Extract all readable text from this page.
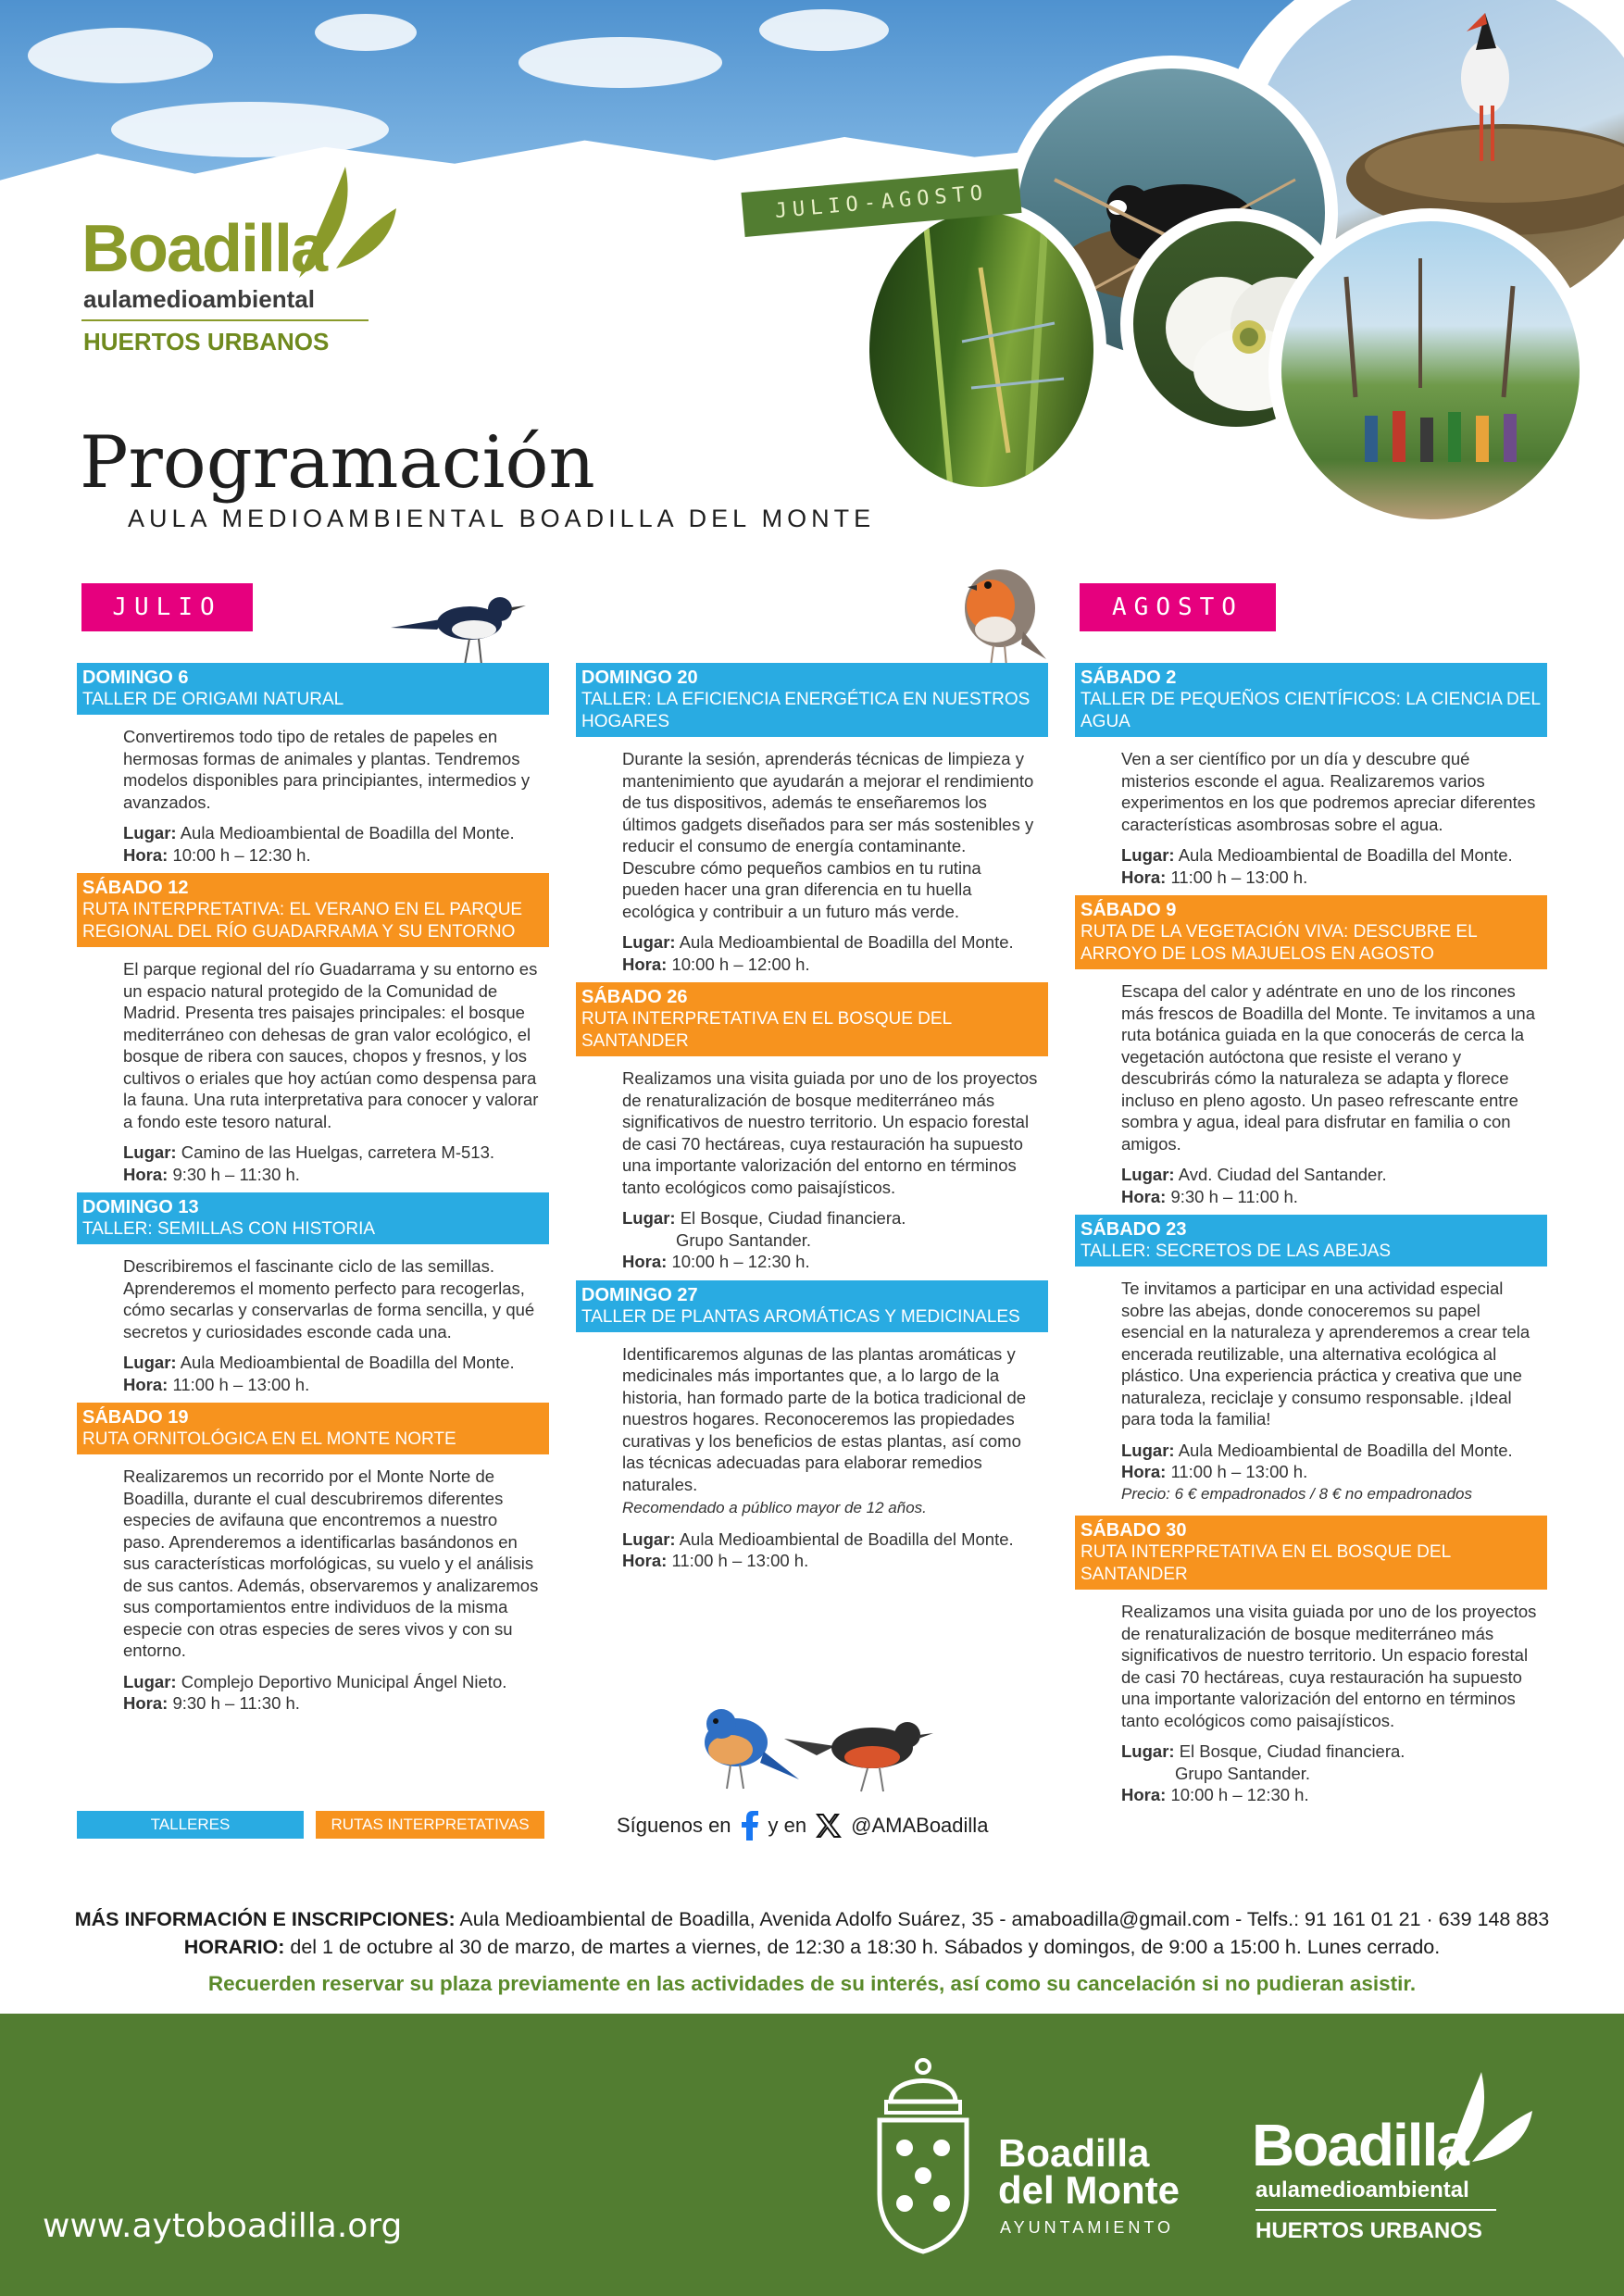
JULIO-AGOSTO
Boadilla
aulamedioambiental
HUERTOS URBANOS
Programación
AULA MEDIOAMBIENTAL BOADILLA DEL MONTE
JULIO	AGOSTO
DOMINGO 6
TALLER DE ORIGAMI NATURAL

Convertiremos todo tipo de retales de papeles en hermosas formas de animales y plantas. Tendremos modelos disponibles para principiantes, intermedios y avanzados.

Lugar: Aula Medioambiental de Boadilla del Monte.
Hora: 10:00 h – 12:30 h.
SÁBADO 12
RUTA INTERPRETATIVA: EL VERANO EN EL PARQUE REGIONAL DEL RÍO GUADARRAMA Y SU ENTORNO

El parque regional del río Guadarrama y su entorno es un espacio natural protegido de la Comunidad de Madrid. Presenta tres paisajes principales: el bosque mediterráneo con dehesas de gran valor ecológico, el bosque de ribera con sauces, chopos y fresnos, y los cultivos o eriales que hoy actúan como despensa para la fauna. Una ruta interpretativa para conocer y valorar a fondo este tesoro natural.

Lugar: Camino de las Huelgas, carretera M-513.
Hora: 9:30 h – 11:30 h.
DOMINGO 13
TALLER: SEMILLAS CON HISTORIA

Describiremos el fascinante ciclo de las semillas. Aprenderemos el momento perfecto para recogerlas, cómo secarlas y conservarlas de forma sencilla, y qué secretos y curiosidades esconde cada una.

Lugar: Aula Medioambiental de Boadilla del Monte.
Hora: 11:00 h – 13:00 h.
SÁBADO 19
RUTA ORNITOLÓGICA EN EL MONTE NORTE

Realizaremos un recorrido por el Monte Norte de Boadilla, durante el cual descubriremos diferentes especies de avifauna que encontremos a nuestro paso. Aprenderemos a identificarlas basándonos en sus características morfológicas, su vuelo y el análisis de sus cantos. Además, observaremos y analizaremos sus comportamientos entre individuos de la misma especie con otras especies de seres vivos y con su entorno.

Lugar: Complejo Deportivo Municipal Ángel Nieto.
Hora: 9:30 h – 11:30 h.
DOMINGO 20
TALLER: LA EFICIENCIA ENERGÉTICA EN NUESTROS HOGARES

Durante la sesión, aprenderás técnicas de limpieza y mantenimiento que ayudarán a mejorar el rendimiento de tus dispositivos, además te enseñaremos los últimos gadgets diseñados para ser más sostenibles y reducir el consumo de energía contaminante. Descubre cómo pequeños cambios en tu rutina pueden hacer una gran diferencia en tu huella ecológica y contribuir a un futuro más verde.

Lugar: Aula Medioambiental de Boadilla del Monte.
Hora: 10:00 h – 12:00 h.
SÁBADO 26
RUTA INTERPRETATIVA EN EL BOSQUE DEL SANTANDER

Realizamos una visita guiada por uno de los proyectos de renaturalización de bosque mediterráneo más significativos de nuestro territorio. Un espacio forestal de casi 70 hectáreas, cuya restauración ha supuesto una importante valorización del entorno en términos tanto ecológicos como paisajísticos.

Lugar: El Bosque, Ciudad financiera.
Grupo Santander.
Hora: 10:00 h – 12:30 h.
DOMINGO 27
TALLER DE PLANTAS AROMÁTICAS Y MEDICINALES

Identificaremos algunas de las plantas aromáticas y medicinales más importantes que, a lo largo de la historia, han formado parte de la botica tradicional de nuestros hogares. Reconoceremos las propiedades curativas y los beneficios de estas plantas, así como las técnicas adecuadas para elaborar remedios naturales.

Recomendado a público mayor de 12 años.

Lugar: Aula Medioambiental de Boadilla del Monte.
Hora: 11:00 h – 13:00 h.
SÁBADO 2
TALLER DE PEQUEÑOS CIENTÍFICOS: LA CIENCIA DEL AGUA

Ven a ser científico por un día y descubre qué misterios esconde el agua. Realizaremos varios experimentos en los que podremos apreciar diferentes características asombrosas sobre el agua.

Lugar: Aula Medioambiental de Boadilla del Monte.
Hora: 11:00 h – 13:00 h.
SÁBADO 9
RUTA DE LA VEGETACIÓN VIVA: DESCUBRE EL ARROYO DE LOS MAJUELOS EN AGOSTO

Escapa del calor y adéntrate en uno de los rincones más frescos de Boadilla del Monte. Te invitamos a una ruta botánica guiada en la que conocerás de cerca la vegetación autóctona que resiste el verano y descubrirás cómo la naturaleza se adapta y florece incluso en pleno agosto. Un paseo refrescante entre sombra y agua, ideal para disfrutar en familia o con amigos.

Lugar: Avd. Ciudad del Santander.
Hora: 9:30 h – 11:00 h.
SÁBADO 23
TALLER: SECRETOS DE LAS ABEJAS

Te invitamos a participar en una actividad especial sobre las abejas, donde conoceremos su papel esencial en la naturaleza y aprenderemos a crear tela encerada reutilizable, una alternativa ecológica al plástico. Una experiencia práctica y creativa que une naturaleza, reciclaje y consumo responsable. ¡Ideal para toda la familia!

Lugar: Aula Medioambiental de Boadilla del Monte.
Hora: 11:00 h – 13:00 h.
Precio: 6 € empadronados / 8 € no empadronados
SÁBADO 30
RUTA INTERPRETATIVA EN EL BOSQUE DEL SANTANDER

Realizamos una visita guiada por uno de los proyectos de renaturalización de bosque mediterráneo más significativos de nuestro territorio. Un espacio forestal de casi 70 hectáreas, cuya restauración ha supuesto una importante valorización del entorno en términos tanto ecológicos como paisajísticos.

Lugar: El Bosque, Ciudad financiera.
Grupo Santander.
Hora: 10:00 h – 12:30 h.
TALLERES	RUTAS INTERPRETATIVAS	Síguenos en y en @AMABoadilla
MÁS INFORMACIÓN E INSCRIPCIONES: Aula Medioambiental de Boadilla, Avenida Adolfo Suárez, 35 - amaboadilla@gmail.com - Telfs.: 91 161 01 21 · 639 148 883
HORARIO: del 1 de octubre al 30 de marzo, de martes a viernes, de 12:30 a 18:30 h. Sábados y domingos, de 9:00 a 15:00 h. Lunes cerrado.
Recuerden reservar su plaza previamente en las actividades de su interés, así como su cancelación si no pudieran asistir.
www.aytoboadilla.org
Boadilla
del Monte
AYUNTAMIENTO
Boadilla
aulamedioambiental
HUERTOS URBANOS
